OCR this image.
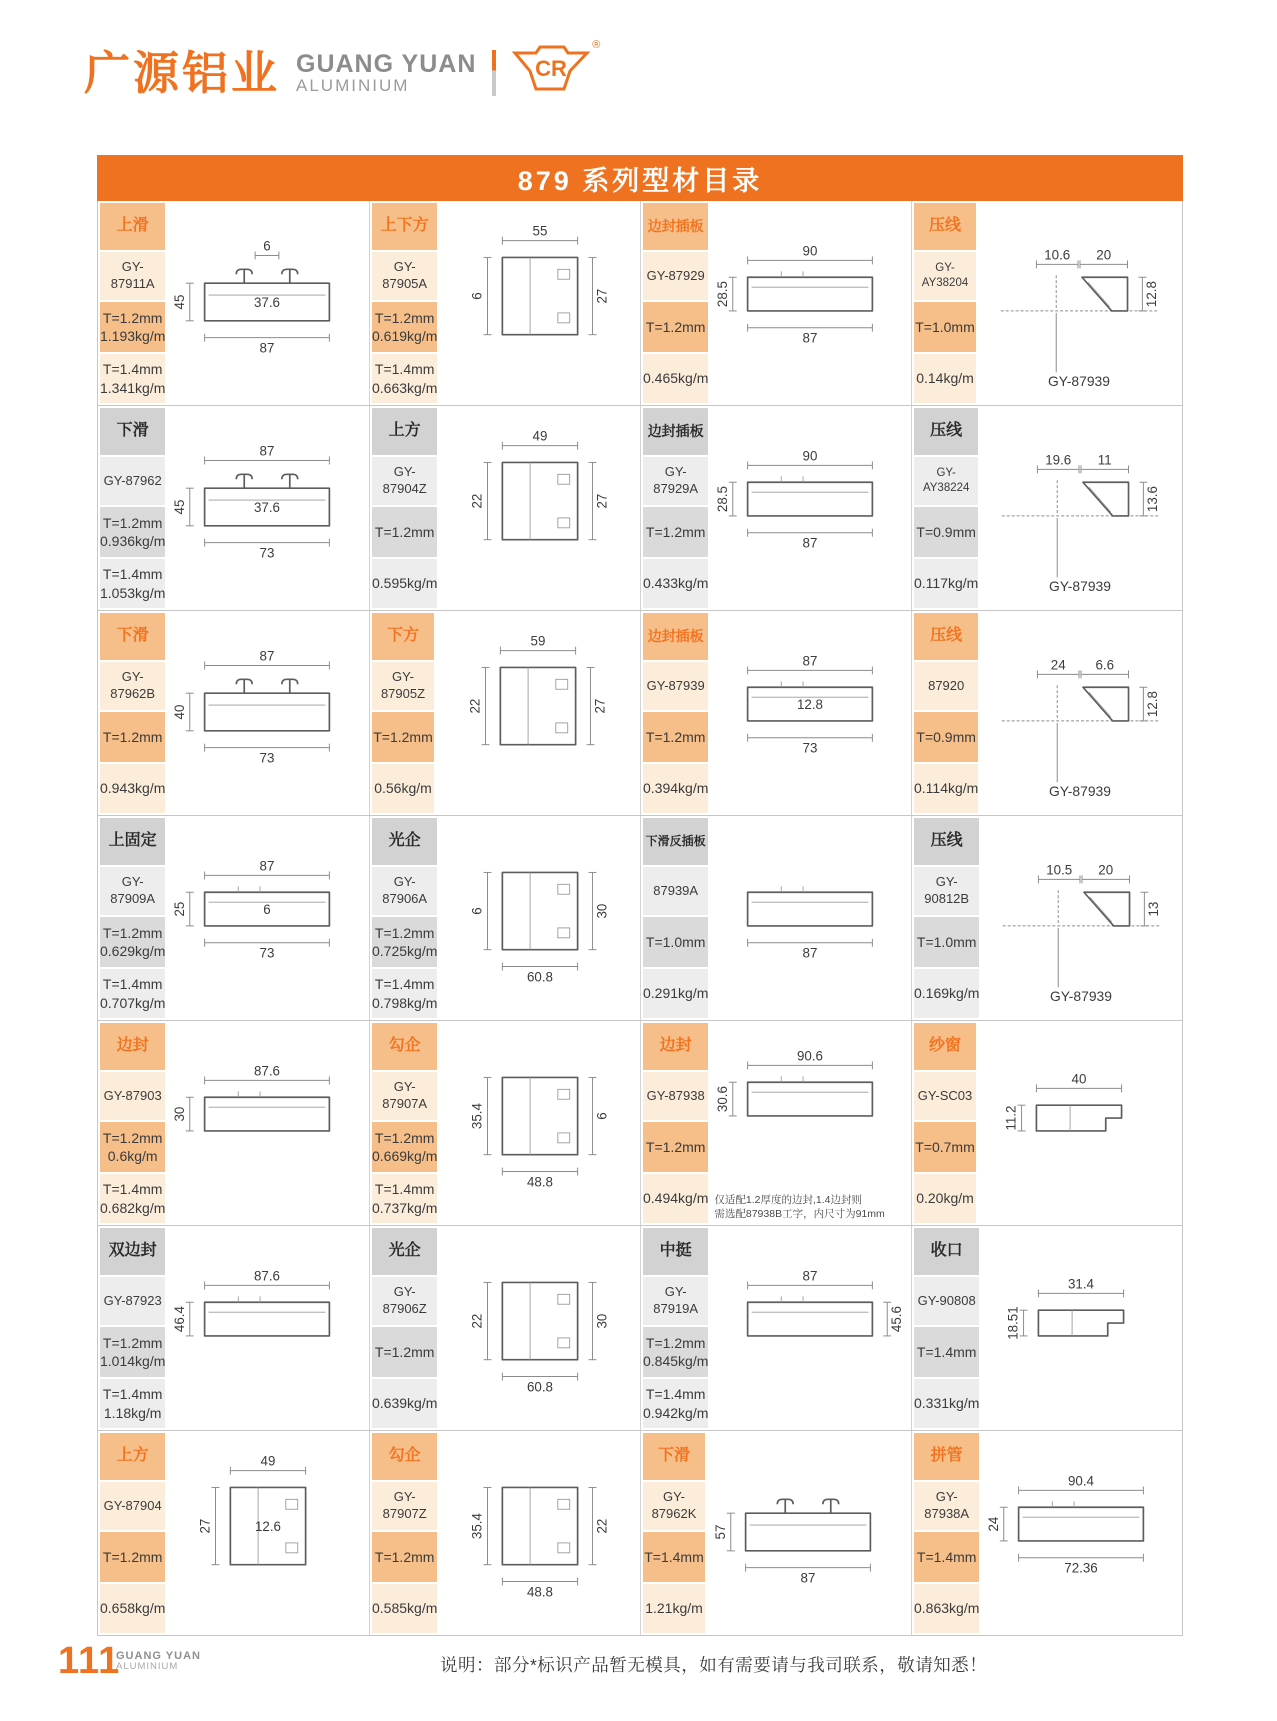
广源铝业 GUANG YUAN
ALUMINIUM
CR
®
879 系列型材目录
上滑
GY-87911A
T=1.2mm
1.193kg/m
T=1.4mm
1.341kg/m
6
87
45	37.6
上下方
GY-87905A
T=1.2mm
0.619kg/m
T=1.4mm
0.663kg/m
55
6	27
边封插板
GY-87929
T=1.2mm
0.465kg/m
90
87
28.5
压线
GY-AY38204
T=1.0mm
0.14kg/m
12.8
10.6 20
GY-87939
下滑
GY-87962
T=1.2mm
0.936kg/m
T=1.4mm
1.053kg/m
87
73
45	37.6
上方
GY-87904Z
T=1.2mm
0.595kg/m
49
22	27
边封插板
GY-87929A
T=1.2mm
0.433kg/m
90
87
28.5
压线
GY-AY38224
T=0.9mm
0.117kg/m
13.6
19.6 11
GY-87939
下滑
GY-87962B
T=1.2mm
0.943kg/m
87
73
40
下方
GY-87905Z
T=1.2mm
0.56kg/m
59
22	27
边封插板
GY-87939
T=1.2mm
0.394kg/m
87
73
12.8
压线
87920
T=0.9mm
0.114kg/m
12.8
24 6.6
GY-87939
上固定
GY-87909A
T=1.2mm
0.629kg/m
T=1.4mm
0.707kg/m
87
73
25	6
光企
GY-87906A
T=1.2mm
0.725kg/m
T=1.4mm
0.798kg/m
60.8
6	30
下滑反插板
87939A
T=1.0mm
0.291kg/m
87
压线
GY-90812B
T=1.0mm
0.169kg/m
13
10.5 20
GY-87939
边封
GY-87903
T=1.2mm
0.6kg/m
T=1.4mm
0.682kg/m
87.6
30
勾企
GY-87907A
T=1.2mm
0.669kg/m
T=1.4mm
0.737kg/m
48.8
35.4	6
边封
GY-87938
T=1.2mm
0.494kg/m
90.6
30.6
仅适配1.2厚度的边封,1.4边封则
需选配87938B工字，内尺寸为91mm
纱窗
GY-SC03
T=0.7mm
0.20kg/m
40
11.2
双边封
GY-87923
T=1.2mm
1.014kg/m
T=1.4mm
1.18kg/m
87.6
46.4
光企
GY-87906Z
T=1.2mm
0.639kg/m
60.8
22	30
中挺
GY-87919A
T=1.2mm
0.845kg/m
T=1.4mm
0.942kg/m
87
45.6
收口
GY-90808
T=1.4mm
0.331kg/m
31.4
18.51
上方
GY-87904
T=1.2mm
0.658kg/m
49
27	12.6
勾企
GY-87907Z
T=1.2mm
0.585kg/m
48.8
35.4	22
下滑
GY-87962K
T=1.4mm
1.21kg/m
87
57
拼管
GY-87938A
T=1.4mm
0.863kg/m
90.4
72.36
24
111
GUANG YUAN
ALUMINIUM	说明：部分*标识产品暂无模具，如有需要请与我司联系，敬请知悉！
